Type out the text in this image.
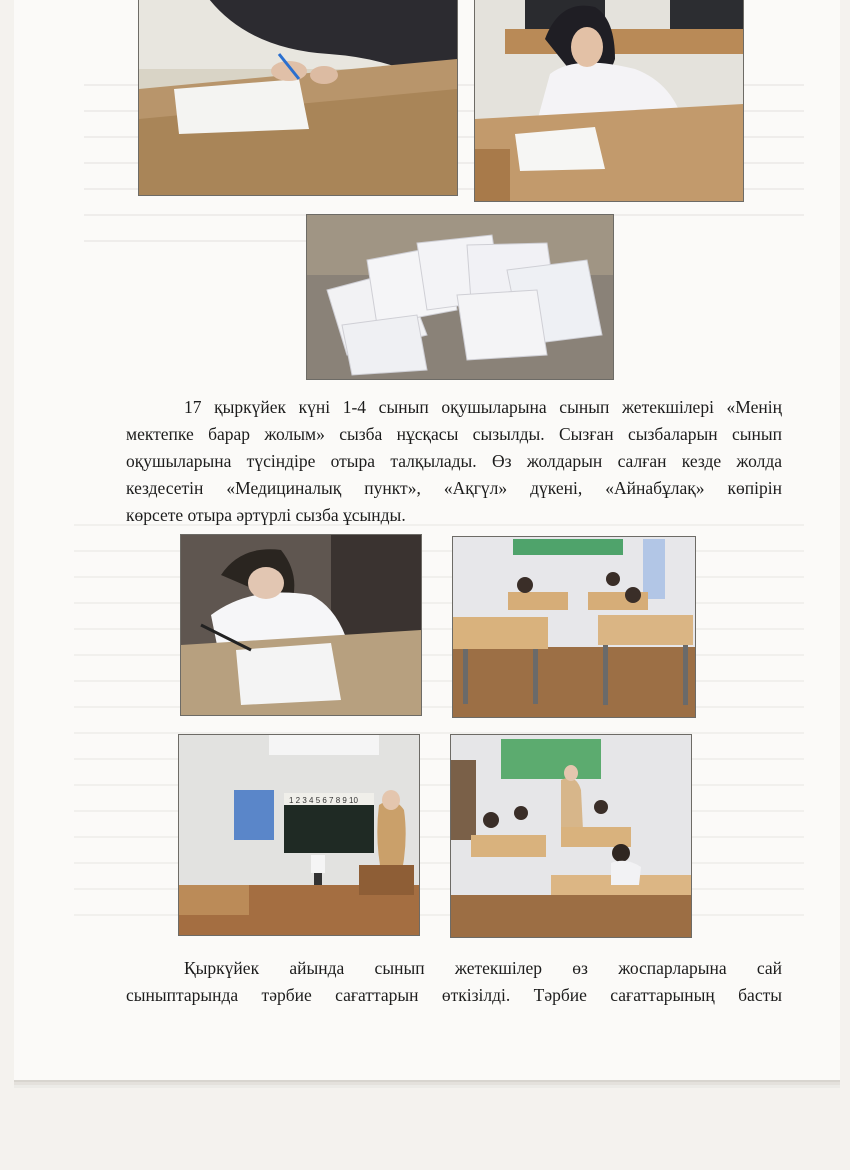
17 қыркүйек күні 1-4 сынып оқушыларына сынып жетекшілері «Менің
мектепке барар жолым» сызба нұсқасы сызылды. Сызған сызбаларын сынып
оқушыларына түсіндіре отыра талқылады. Өз жолдарын салған кезде жолда
кездесетін «Медициналық пункт», «Ақгүл» дүкені, «Айнабұлақ» көпірін
көрсете отыра әртүрлі сызба ұсынды.
1 2 3 4 5 6 7 8 9 10
Қыркүйек айында сынып жетекшілер өз жоспарларына сай
сыныптарында тәрбие сағаттарын өткізілді. Тәрбие сағаттарының басты
